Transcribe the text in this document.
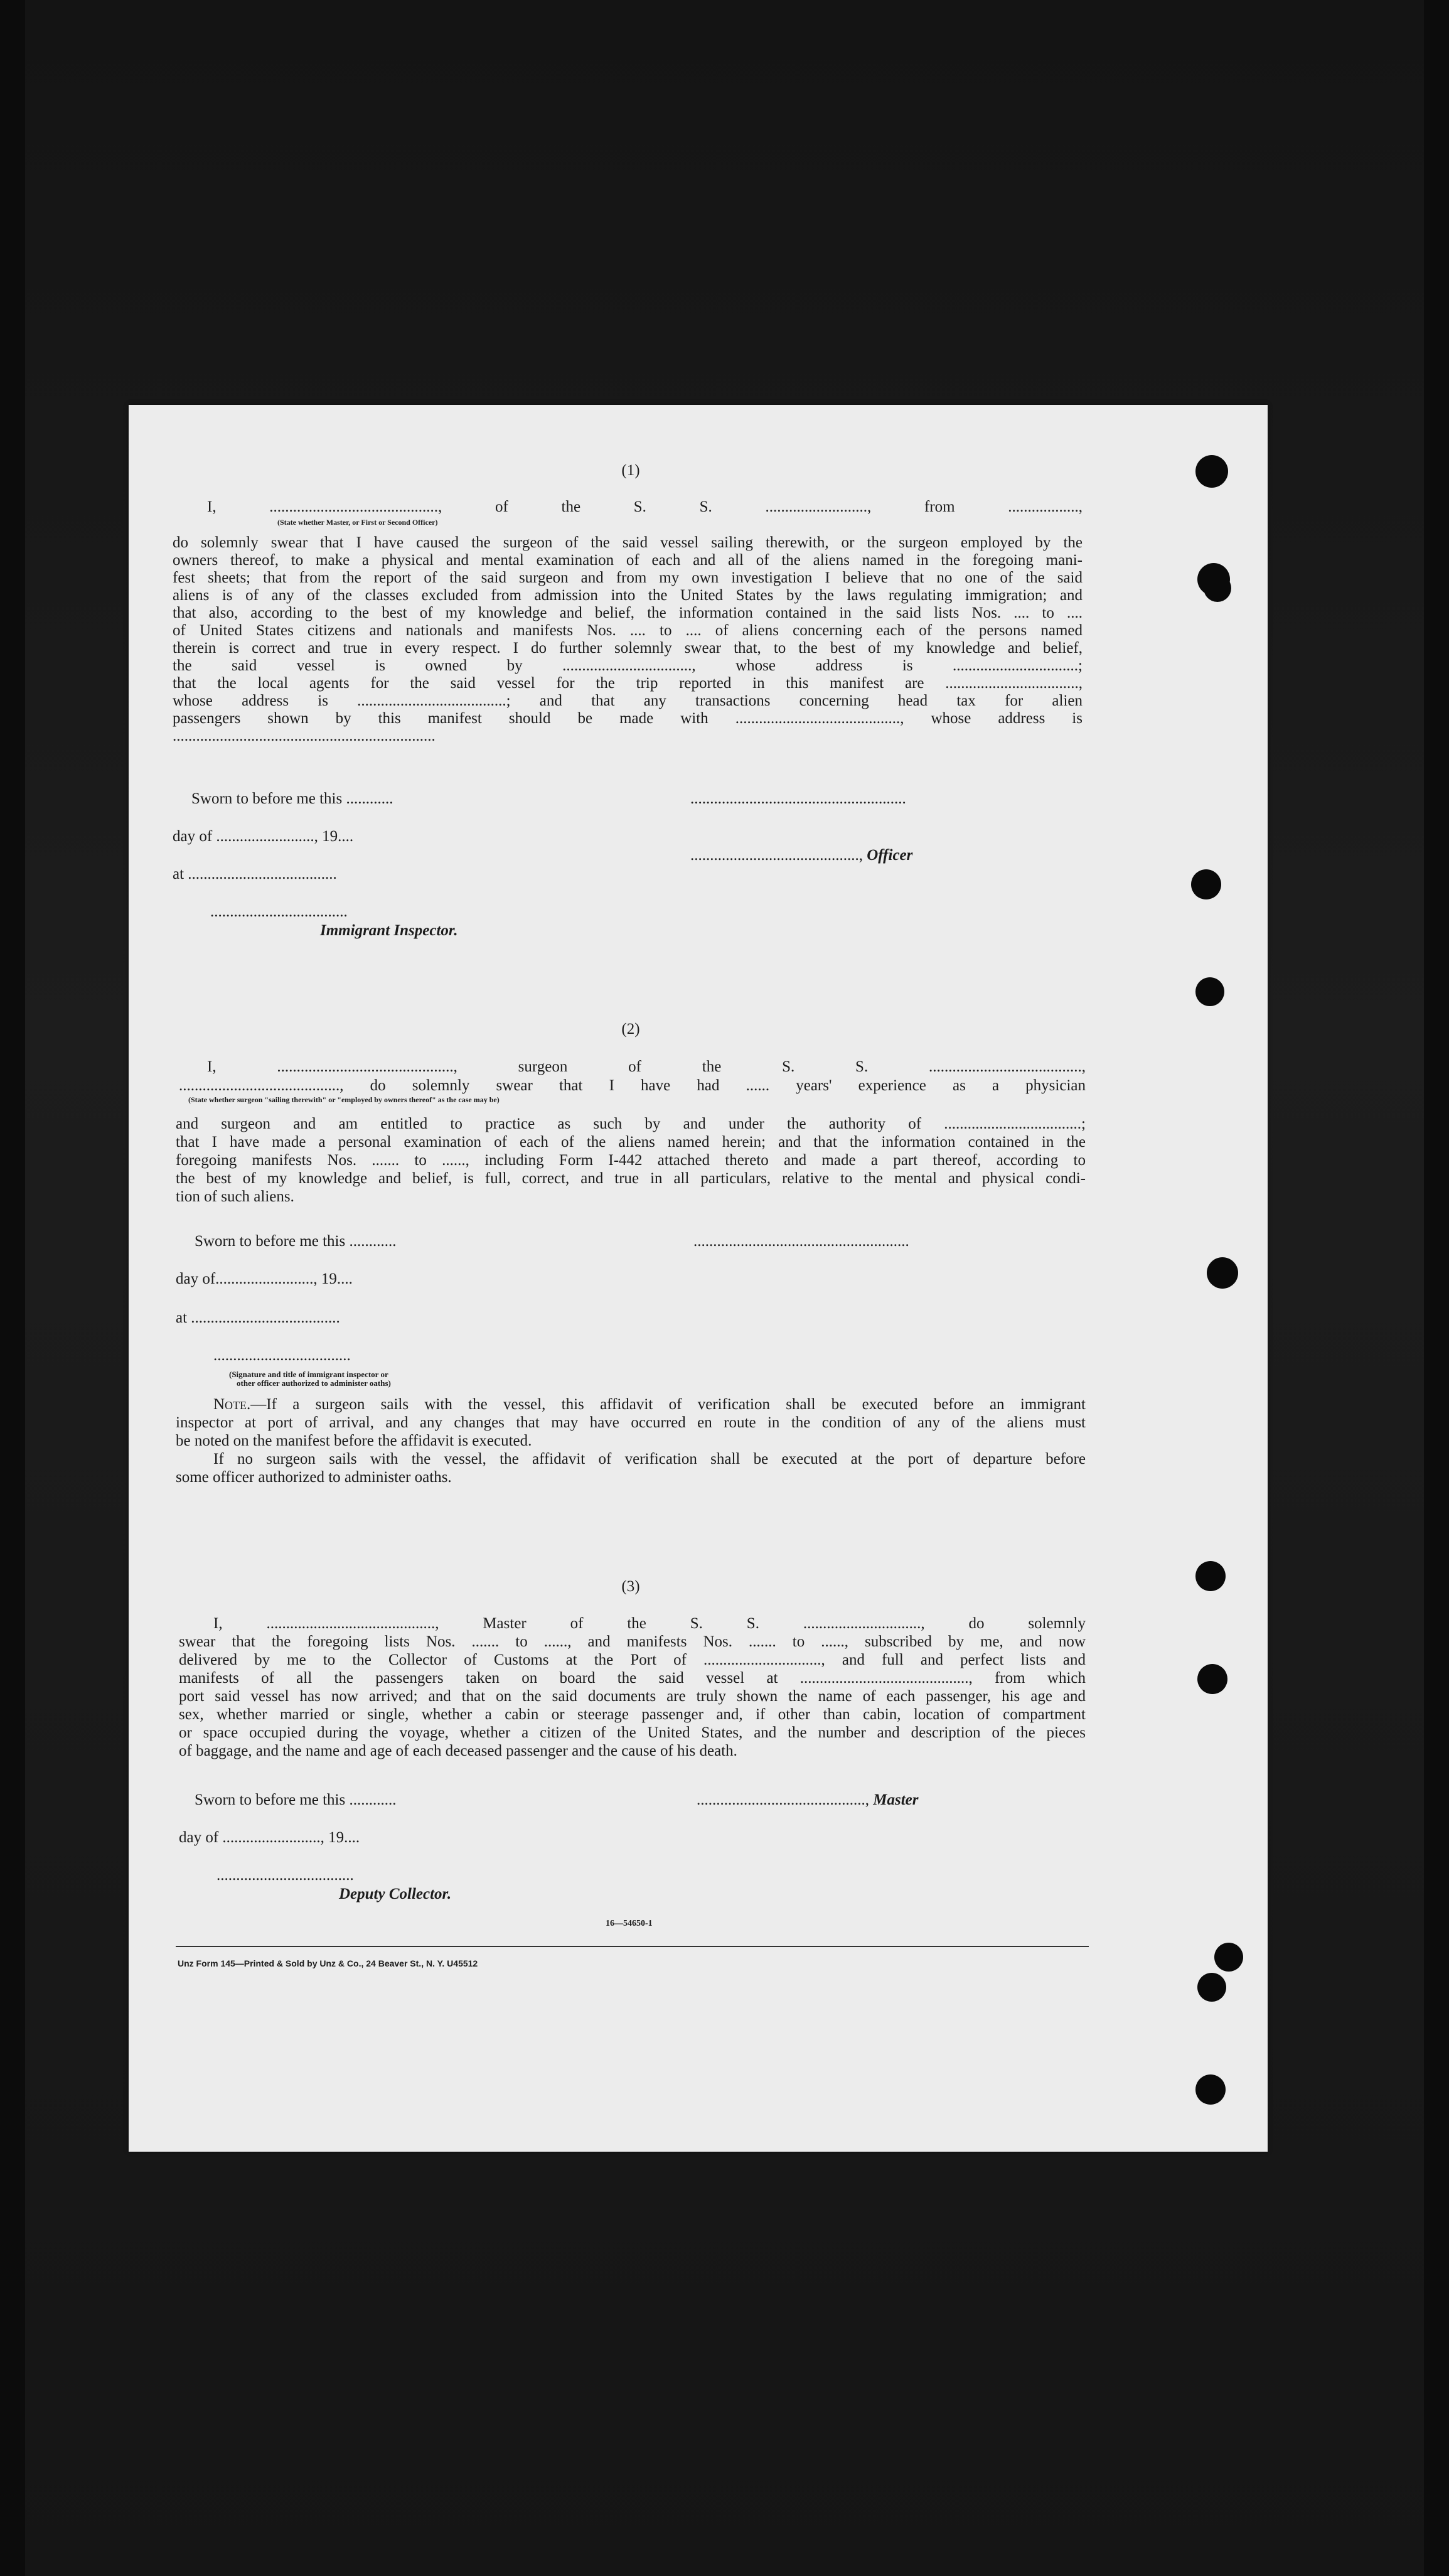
(1)
I, ..........................................., of the S. S. .........................., from ..................,
(State whether Master, or First or Second Officer)
do solemnly swear that I have caused the surgeon of the said vessel sailing therewith, or the surgeon employed by the
owners thereof, to make a physical and mental examination of each and all of the aliens named in the foregoing mani-
fest sheets; that from the report of the said surgeon and from my own investigation I believe that no one of the said
aliens is of any of the classes excluded from admission into the United States by the laws regulating immigration; and
that also, according to the best of my knowledge and belief, the information contained in the said lists Nos. .... to ....
of United States citizens and nationals and manifests Nos. .... to .... of aliens concerning each of the persons named
therein is correct and true in every respect. I do further solemnly swear that, to the best of my knowledge and belief,
the said vessel is owned by ................................., whose address is ................................;
that the local agents for the said vessel for the trip reported in this manifest are ..................................,
whose address is ......................................; and that any transactions concerning head tax for alien
passengers shown by this manifest should be made with .........................................., whose address is
...................................................................
Sworn to before me this ............	.......................................................
day of ........................., 19....
..........................................., Officer
at ......................................
...................................
Immigrant Inspector.
(2)
I, ............................................., surgeon of the S. S. .......................................,
........................................., do solemnly swear that I have had ...... years' experience as a physician
(State whether surgeon "sailing therewith" or "employed by owners thereof" as the case may be)
and surgeon and am entitled to practice as such by and under the authority of ...................................;
that I have made a personal examination of each of the aliens named herein; and that the information contained in the
foregoing manifests Nos. ....... to ......, including Form I-442 attached thereto and made a part thereof, according to
the best of my knowledge and belief, is full, correct, and true in all particulars, relative to the mental and physical condi-
tion of such aliens.
Sworn to before me this ............	.......................................................
day of........................., 19....
at ......................................
...................................
(Signature and title of immigrant inspector or
other officer authorized to administer oaths)
Note.—If a surgeon sails with the vessel, this affidavit of verification shall be executed before an immigrant
inspector at port of arrival, and any changes that may have occurred en route in the condition of any of the aliens must
be noted on the manifest before the affidavit is executed.
If no surgeon sails with the vessel, the affidavit of verification shall be executed at the port of departure before
some officer authorized to administer oaths.
(3)
I, ..........................................., Master of the S. S. .............................., do solemnly
swear that the foregoing lists Nos. ....... to ......, and manifests Nos. ....... to ......, subscribed by me, and now
delivered by me to the Collector of Customs at the Port of .............................., and full and perfect lists and
manifests of all the passengers taken on board the said vessel at ..........................................., from which
port said vessel has now arrived; and that on the said documents are truly shown the name of each passenger, his age and
sex, whether married or single, whether a cabin or steerage passenger and, if other than cabin, location of compartment
or space occupied during the voyage, whether a citizen of the United States, and the number and description of the pieces
of baggage, and the name and age of each deceased passenger and the cause of his death.
Sworn to before me this ............	..........................................., Master
day of ........................., 19....
...................................
Deputy Collector.
16—54650-1
Unz Form 145—Printed & Sold by Unz & Co., 24 Beaver St., N. Y. U45512
